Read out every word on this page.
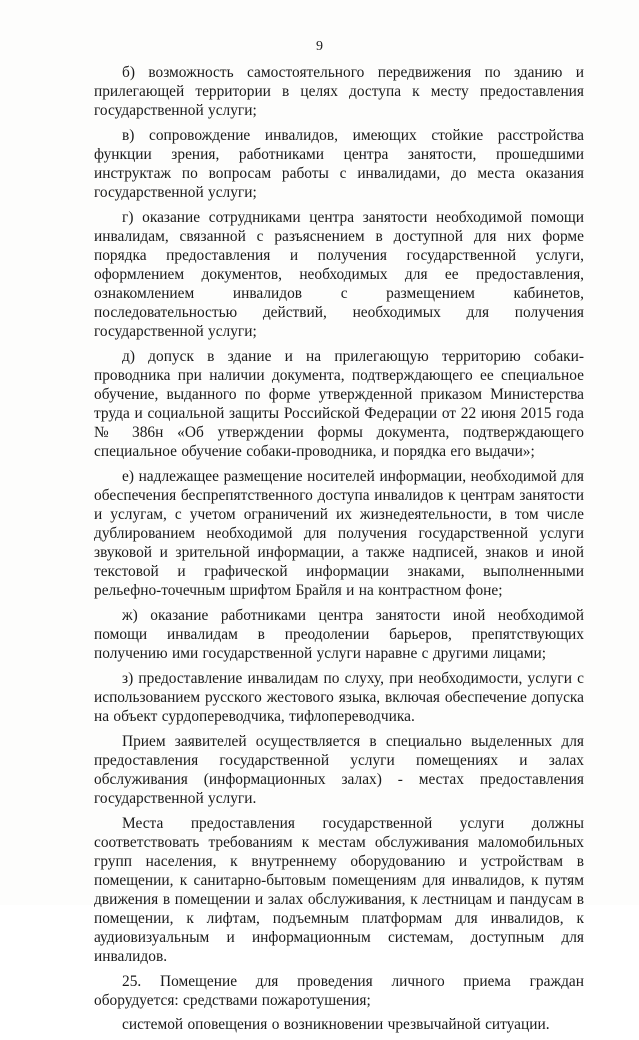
9

б) возможность самостоятельного передвижения по зданию и прилегающей территории в целях доступа к месту предоставления государственной услуги;

в) сопровождение инвалидов, имеющих стойкие расстройства функции зрения, работниками центра занятости, прошедшими инструктаж по вопросам работы с инвалидами, до места оказания государственной услуги;

г) оказание сотрудниками центра занятости необходимой помощи инвалидам, связанной с разъяснением в доступной для них форме порядка предоставления и получения государственной услуги, оформлением документов, необходимых для ее предоставления, ознакомлением инвалидов с размещением кабинетов, последовательностью действий, необходимых для получения государственной услуги;

д) допуск в здание и на прилегающую территорию собаки-проводника при наличии документа, подтверждающего ее специальное обучение, выданного по форме утвержденной приказом Министерства труда и социальной защиты Российской Федерации от 22 июня 2015 года № 386н «Об утверждении формы документа, подтверждающего специальное обучение собаки-проводника, и порядка его выдачи»;

е) надлежащее размещение носителей информации, необходимой для обеспечения беспрепятственного доступа инвалидов к центрам занятости и услугам, с учетом ограничений их жизнедеятельности, в том числе дублированием необходимой для получения государственной услуги звуковой и зрительной информации, а также надписей, знаков и иной текстовой и графической информации знаками, выполненными рельефно-точечным шрифтом Брайля и на контрастном фоне;

ж) оказание работниками центра занятости иной необходимой помощи инвалидам в преодолении барьеров, препятствующих получению ими государственной услуги наравне с другими лицами;

з) предоставление инвалидам по слуху, при необходимости, услуги с использованием русского жестового языка, включая обеспечение допуска на объект сурдопереводчика, тифлопереводчика.

Прием заявителей осуществляется в специально выделенных для предоставления государственной услуги помещениях и залах обслуживания (информационных залах) - местах предоставления государственной услуги.

Места предоставления государственной услуги должны соответствовать требованиям к местам обслуживания маломобильных групп населения, к внутреннему оборудованию и устройствам в помещении, к санитарно-бытовым помещениям для инвалидов, к путям движения в помещении и залах обслуживания, к лестницам и пандусам в помещении, к лифтам, подъемным платформам для инвалидов, к аудиовизуальным и информационным системам, доступным для инвалидов.

25. Помещение для проведения личного приема граждан оборудуется: средствами пожаротушения;

системой оповещения о возникновении чрезвычайной ситуации.
